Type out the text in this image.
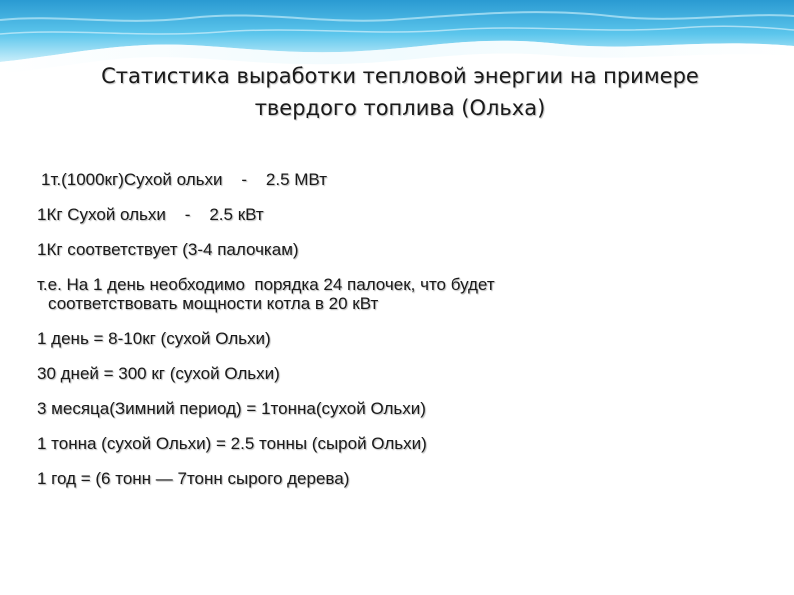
Статистика выработки тепловой энергии на примере
твердого топлива (Ольха)
1т.(1000кг)Сухой ольхи    -    2.5 МВт
1Кг Сухой ольхи    -    2.5 кВт
1Кг соответствует (3-4 палочкам)
т.е. На 1 день необходимо  порядка 24 палочек, что будет
соответствовать мощности котла в 20 кВт
1 день = 8-10кг (сухой Ольхи)
30 дней = 300 кг (сухой Ольхи)
3 месяца(Зимний период) = 1тонна(сухой Ольхи)
1 тонна (сухой Ольхи) = 2.5 тонны (сырой Ольхи)
1 год = (6 тонн — 7тонн сырого дерева)
